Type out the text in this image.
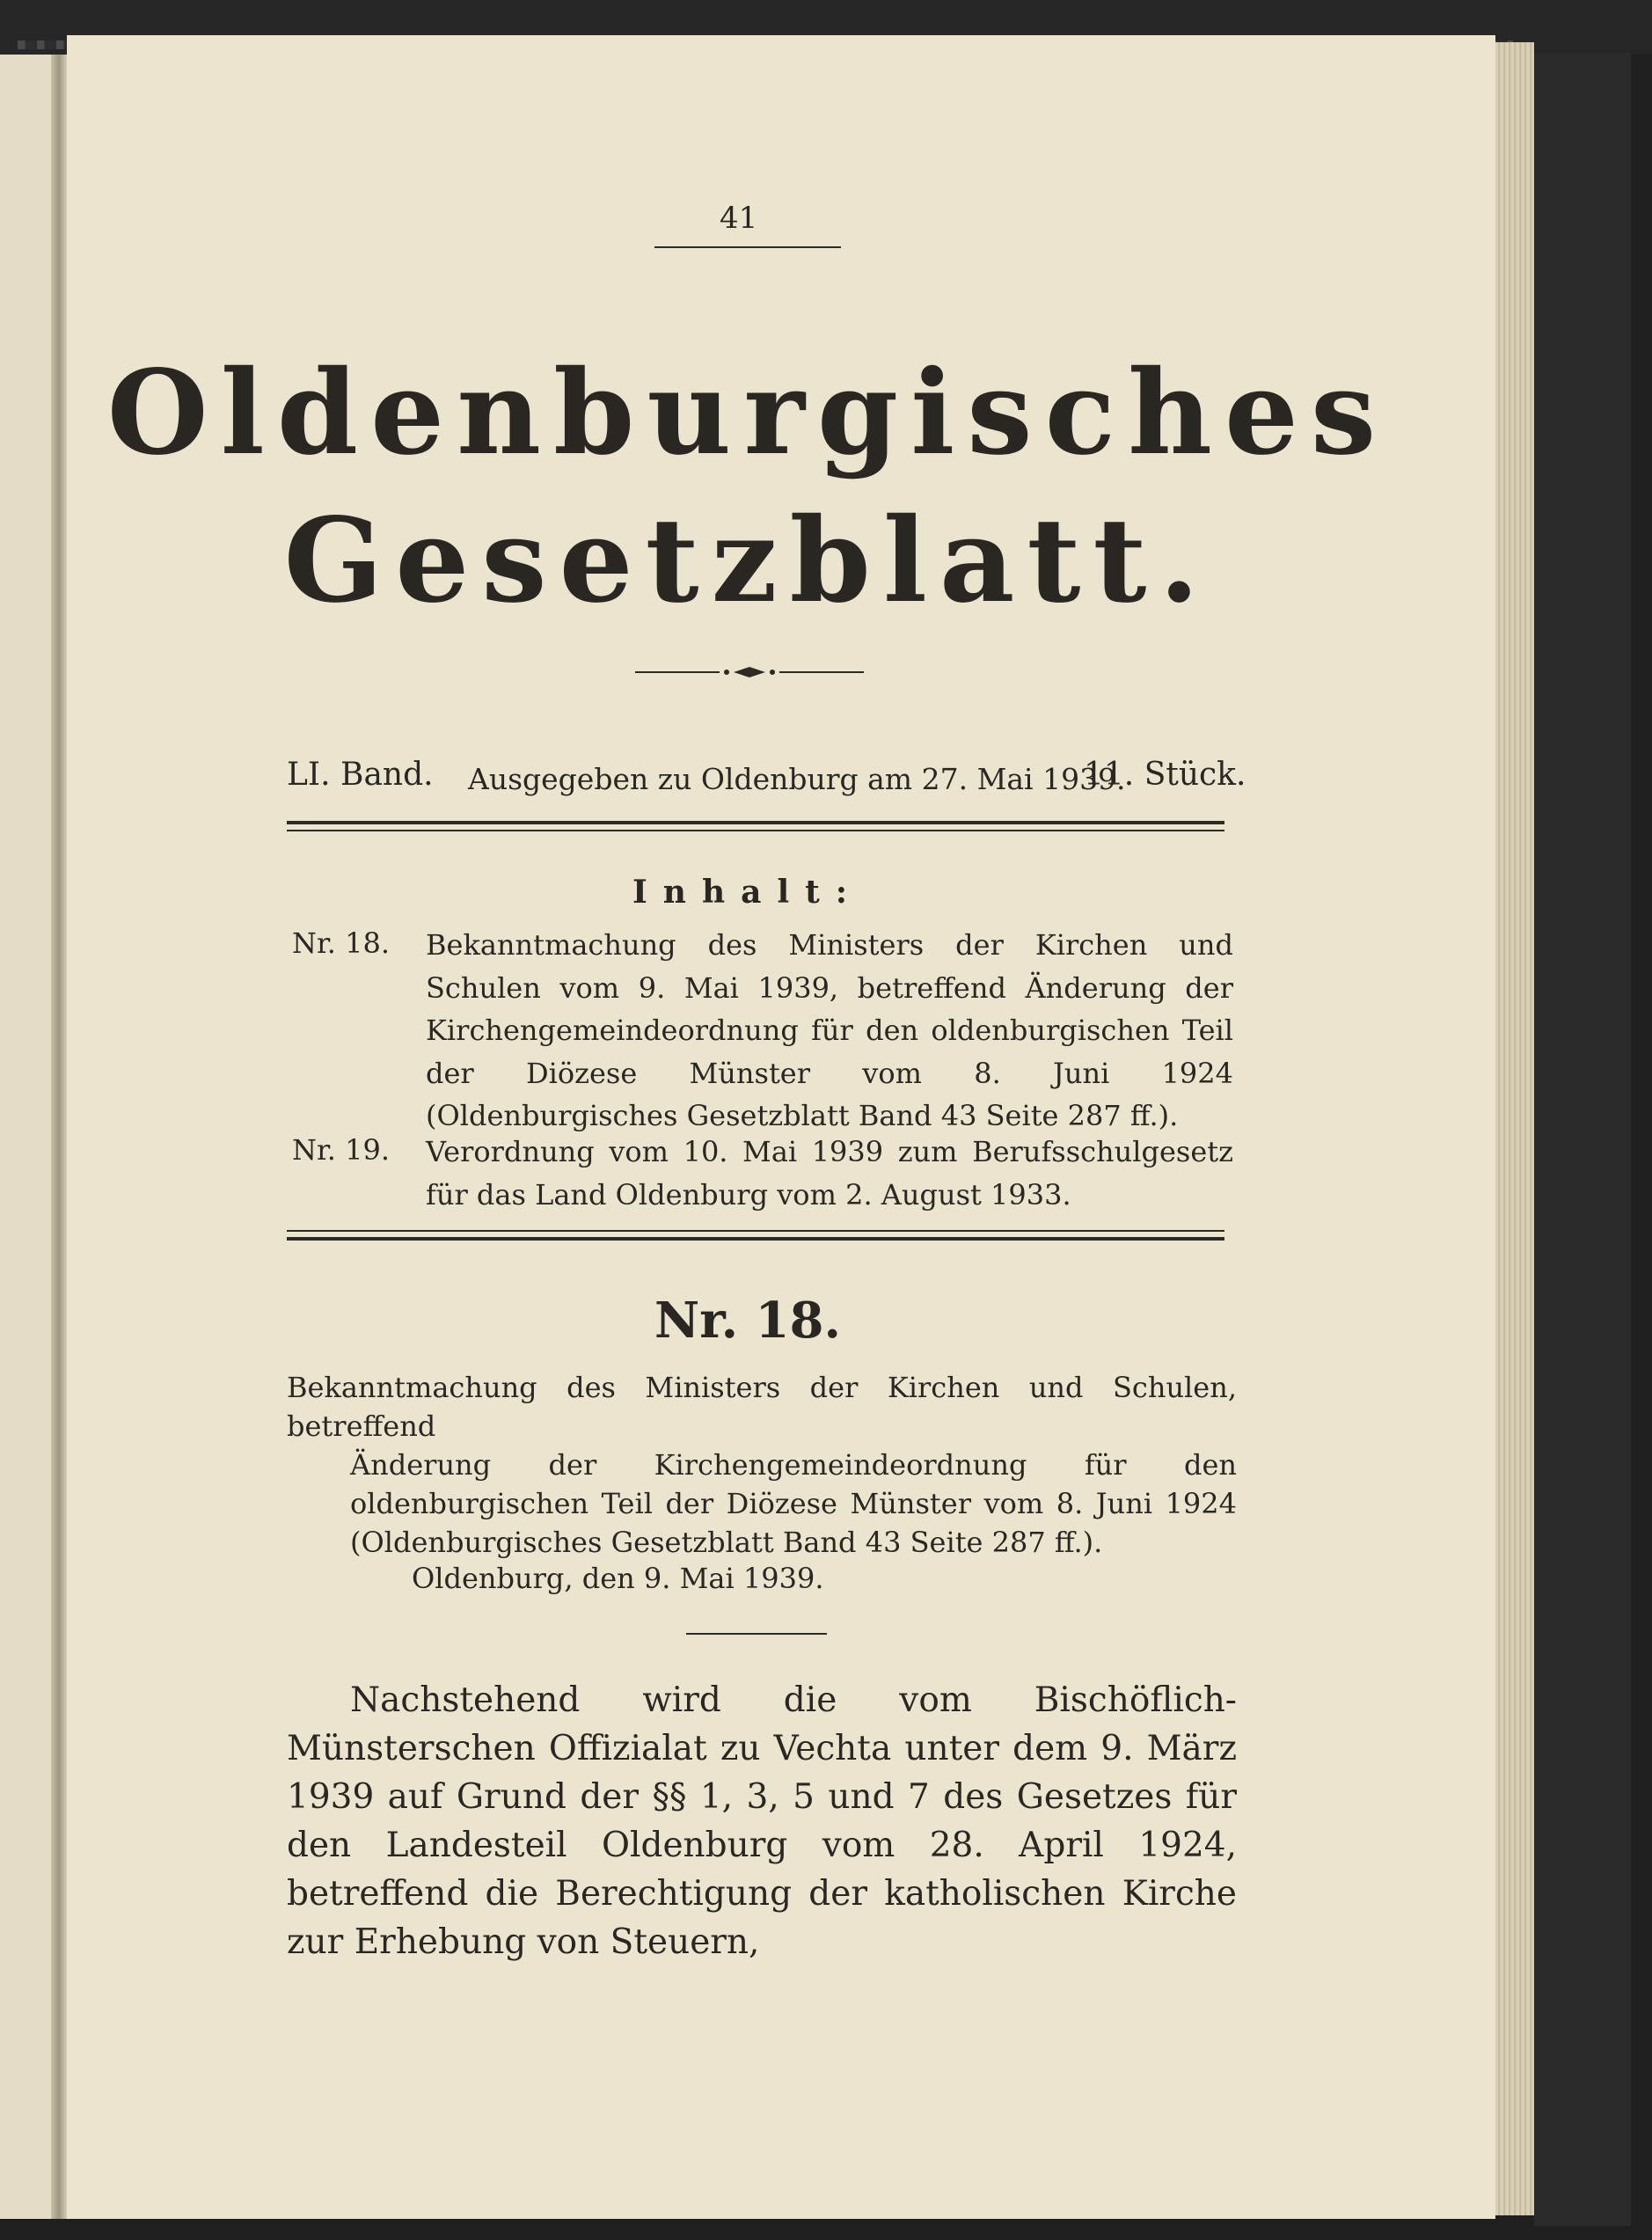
41
Oldenburgisches
Gesetzblatt.
LI. Band. Ausgegeben zu Oldenburg am 27. Mai 1939.
11. Stück.
Inhalt:
Nr. 18. Bekanntmachung des Ministers der Kirchen und Schulen vom 9. Mai 1939, betreffend Änderung der Kirchengemeindeordnung für den oldenburgischen Teil der Diözese Münster vom 8. Juni 1924 (Oldenburgisches Gesetzblatt Band 43 Seite 287 ff.).
Nr. 19. Verordnung vom 10. Mai 1939 zum Berufsschulgesetz für das Land Oldenburg vom 2. August 1933.
Nr. 18.
Bekanntmachung des Ministers der Kirchen und Schulen, betreffend
Änderung der Kirchengemeindeordnung für den oldenburgischen Teil der Diözese Münster vom 8. Juni 1924 (Oldenburgisches Gesetzblatt Band 43 Seite 287 ff.).
Oldenburg, den 9. Mai 1939.
Nachstehend wird die vom Bischöflich-Münsterschen Offizialat zu Vechta unter dem 9. März 1939 auf Grund der §§ 1, 3, 5 und 7 des Gesetzes für den Landesteil Oldenburg vom 28. April 1924, betreffend die Berechtigung der katholischen Kirche zur Erhebung von Steuern,
